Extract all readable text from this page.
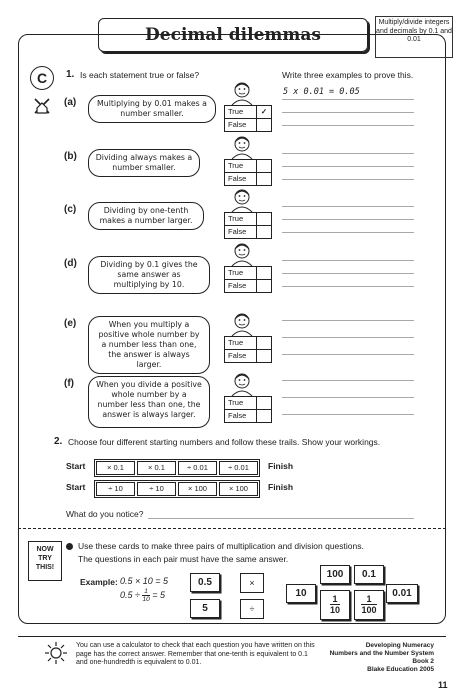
Decimal dilemmas
Multiply/divide integers and decimals by 0.1 and 0.01
C	1. Is each statement true or false?	Write three examples to prove this.
5 x 0.01 = 0.05
(a)	Multiplying by 0.01 makes a number smaller.	True	✓
False
(b)	Dividing always makes a number smaller.	True
False
(c)	Dividing by one-tenth makes a number larger.	True
False
(d)	Dividing by 0.1 gives the same answer as multiplying by 10.
True
False
(e)	When you multiply a positive whole number by a number less than one, the answer is always larger.
True
False
(f)	When you divide a positive whole number by a number less than one, the answer is always larger.
True
False
2. Choose four different starting numbers and follow these trails. Show your workings.
Start	× 0.1	× 0.1	÷ 0.01	÷ 0.01	Finish
Start	÷ 10	÷ 10	× 100	× 100	Finish
What do you notice?
NOW TRY THIS!
Use these cards to make three pairs of multiplication and division questions. The questions in each pair must have the same answer.
Example: 0.5 × 10 = 5
$0.5 \div \frac{1}{10} = 5$
0.5
5
×
÷
10
100	0.1
$\frac{1}{10} \frac{1}{100}$
0.01
You can use a calculator to check that each question you have written on this page has the correct answer. Remember that one-tenth is equivalent to 0.1 and one-hundredth is equivalent to 0.01.
Developing Numeracy
Numbers and the Number System
Book 2
Blake Education 2005
11
